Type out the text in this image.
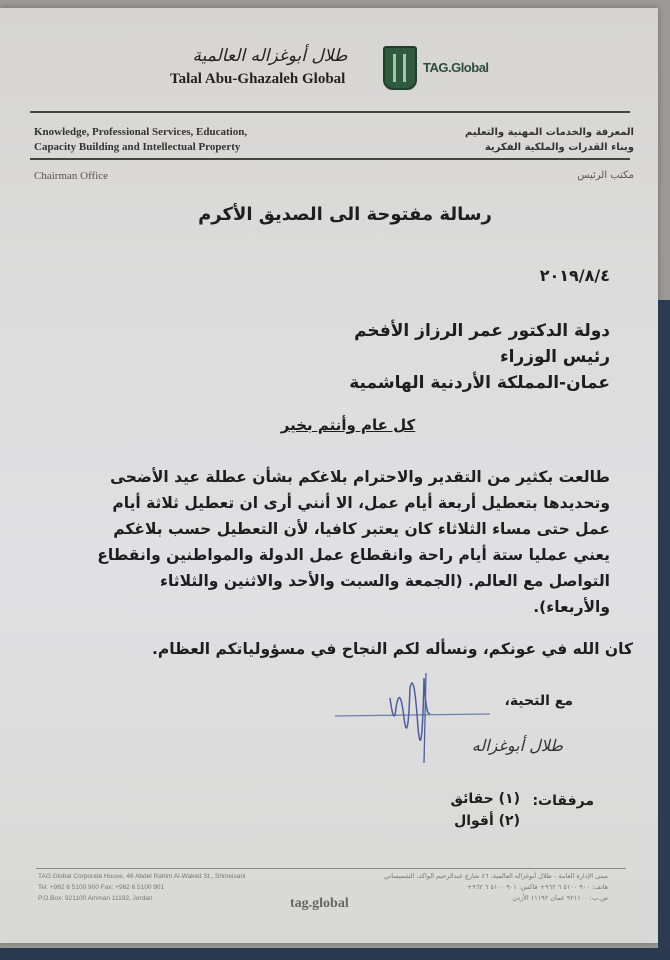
طلال أبوغزاله العالمية
Talal Abu-Ghazaleh Global
TAG.Global
Knowledge, Professional Services, Education,
Capacity Building and Intellectual Property
المعرفة والخدمات المهنية والتعليم
وبناء القدرات والملكية الفكرية
Chairman Office	مكتب الرئيس
رسالة مفتوحة الى الصديق الأكرم
٢٠١٩/٨/٤
دولة الدكتور عمر الرزاز الأفخم
رئيس الوزراء
عمان-المملكة الأردنية الهاشمية
كل عام وأنتم بخير
طالعت بكثير من التقدير والاحترام بلاغكم بشأن عطلة عيد الأضحى وتحديدها بتعطيل أربعة أيام عمل، الا أنني أرى ان تعطيل ثلاثة أيام عمل حتى مساء الثلاثاء كان يعتبر كافيا، لأن التعطيل حسب بلاغكم يعني عمليا ستة أيام راحة وانقطاع عمل الدولة والمواطنين وانقطاع التواصل مع العالم. (الجمعة والسبت والأحد والاثنين والثلاثاء والأربعاء).
كان الله في عونكم، ونسأله لكم النجاح في مسؤولياتكم العظام.
مع التحية،
طلال أبوغزاله
مرفقات:
(١) حقائق
(٢) أقوال
TAG.Global Corporate House, 46 Abdel Rahim Al-Waked St., Shmeisani
Tel: +962 6 5100 900 Fax: +962 6 5100 901
P.O.Box: 921100 Amman 11192, Jordan	tag.global
مبنى الإدارة العامة - طلال أبوغزاله العالمية، ٤٦ شارع عبدالرحيم الواكد، الشميساني
هاتف: ٩٠٠ ٥١٠٠ ٦ ٩٦٢+ فاكس: ٩٠١ ٥١٠٠ ٦ ٩٦٢+
ص.ب: ٩٢١١٠٠ عمان ١١١٩٢ الأردن
